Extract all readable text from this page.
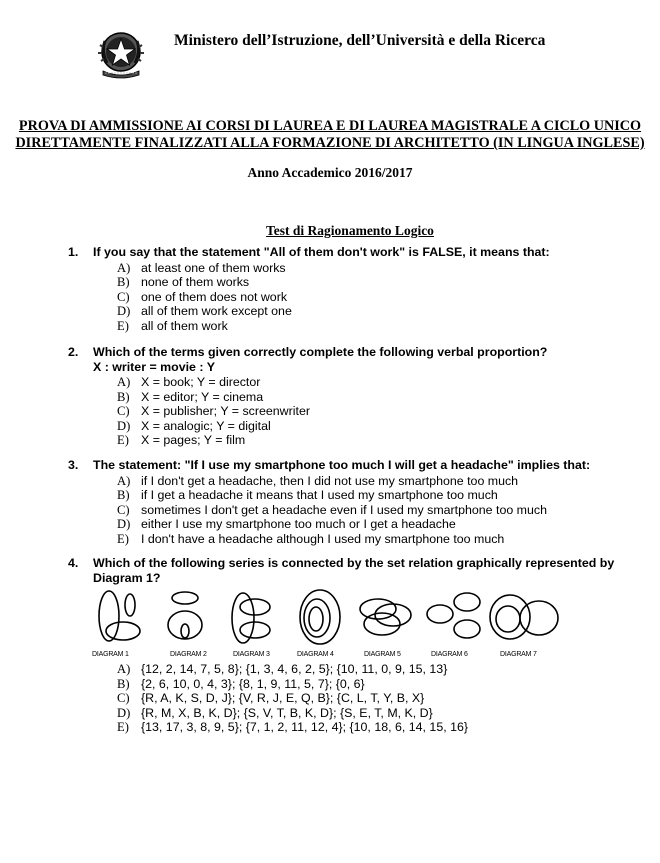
Ministero dell’Istruzione, dell’Università e della Ricerca
PROVA DI AMMISSIONE AI CORSI DI LAUREA E DI LAUREA MAGISTRALE A CICLO UNICO
DIRETTAMENTE FINALIZZATI ALLA FORMAZIONE DI ARCHITETTO (IN LINGUA INGLESE)
Anno Accademico 2016/2017
Test di Ragionamento Logico
1.	If you say that the statement "All of them don't work" is FALSE, it means that:
A) at least one of them works
B) none of them works
C) one of them does not work
D) all of them work except one
E) all of them work
2.	Which of the terms given correctly complete the following verbal proportion?
X : writer = movie : Y
A) X = book; Y = director
B) X = editor; Y = cinema
C) X = publisher; Y = screenwriter
D) X = analogic; Y = digital
E) X = pages; Y = film
3.	The statement: "If I use my smartphone too much I will get a headache" implies that:
A) if I don't get a headache, then I did not use my smartphone too much
B) if I get a headache it means that I used my smartphone too much
C) sometimes I don't get a headache even if I used my smartphone too much
D) either I use my smartphone too much or I get a headache
E) I don't have a headache although I used my smartphone too much
4.	Which of the following series is connected by the set relation graphically represented by Diagram 1?
DIAGRAM 1	DIAGRAM 2	DIAGRAM 3	DIAGRAM 4	DIAGRAM 5	DIAGRAM 6	DIAGRAM 7
A) {12, 2, 14, 7, 5, 8}; {1, 3, 4, 6, 2, 5}; {10, 11, 0, 9, 15, 13}
B) {2, 6, 10, 0, 4, 3}; {8, 1, 9, 11, 5, 7}; {0, 6}
C) {R, A, K, S, D, J}; {V, R, J, E, Q, B}; {C, L, T, Y, B, X}
D) {R, M, X, B, K, D}; {S, V, T, B, K, D}; {S, E, T, M, K, D}
E) {13, 17, 3, 8, 9, 5}; {7, 1, 2, 11, 12, 4}; {10, 18, 6, 14, 15, 16}
